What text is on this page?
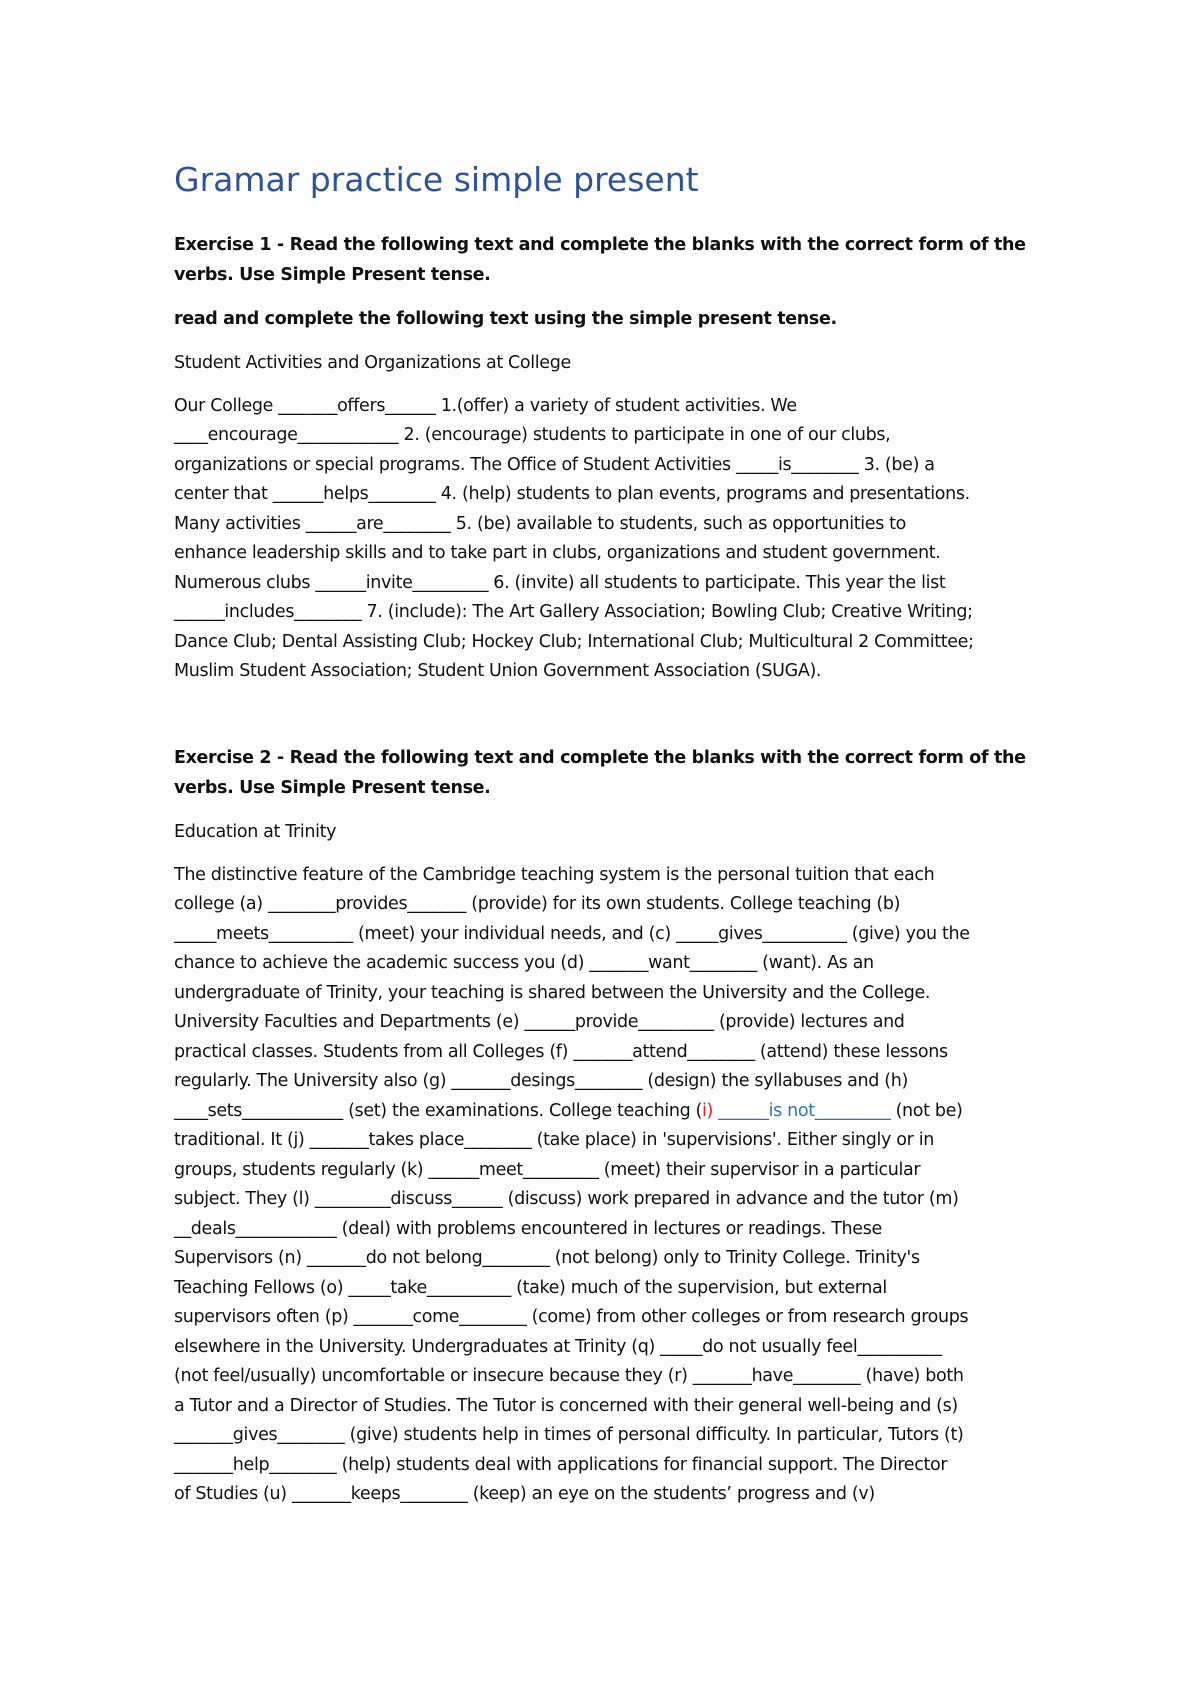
Gramar practice simple present

Exercise 1 - Read the following text and complete the blanks with the correct form of the
verbs. Use Simple Present tense.

read and complete the following text using the simple present tense.

Student Activities and Organizations at College

Our College _______offers______ 1.(offer) a variety of student activities. We
____encourage____________ 2. (encourage) students to participate in one of our clubs,
organizations or special programs. The Office of Student Activities _____is________ 3. (be) a
center that ______helps________ 4. (help) students to plan events, programs and presentations.
Many activities ______are________ 5. (be) available to students, such as opportunities to
enhance leadership skills and to take part in clubs, organizations and student government.
Numerous clubs ______invite_________ 6. (invite) all students to participate. This year the list
______includes________ 7. (include): The Art Gallery Association; Bowling Club; Creative Writing;
Dance Club; Dental Assisting Club; Hockey Club; International Club; Multicultural 2 Committee;
Muslim Student Association; Student Union Government Association (SUGA).

Exercise 2 - Read the following text and complete the blanks with the correct form of the
verbs. Use Simple Present tense.

Education at Trinity

The distinctive feature of the Cambridge teaching system is the personal tuition that each
college (a) ________provides_______ (provide) for its own students. College teaching (b)
_____meets__________ (meet) your individual needs, and (c) _____gives__________ (give) you the
chance to achieve the academic success you (d) _______want________ (want). As an
undergraduate of Trinity, your teaching is shared between the University and the College.
University Faculties and Departments (e) ______provide_________ (provide) lectures and
practical classes. Students from all Colleges (f) _______attend________ (attend) these lessons
regularly. The University also (g) _______desings________ (design) the syllabuses and (h)
____sets____________ (set) the examinations. College teaching (i) ______is not_________ (not be)
traditional. It (j) _______takes place________ (take place) in 'supervisions'. Either singly or in
groups, students regularly (k) ______meet_________ (meet) their supervisor in a particular
subject. They (l) _________discuss______ (discuss) work prepared in advance and the tutor (m)
__deals____________ (deal) with problems encountered in lectures or readings. These
Supervisors (n) _______do not belong________ (not belong) only to Trinity College. Trinity's
Teaching Fellows (o) _____take__________ (take) much of the supervision, but external
supervisors often (p) _______come________ (come) from other colleges or from research groups
elsewhere in the University. Undergraduates at Trinity (q) _____do not usually feel__________
(not feel/usually) uncomfortable or insecure because they (r) _______have________ (have) both
a Tutor and a Director of Studies. The Tutor is concerned with their general well-being and (s)
_______gives________ (give) students help in times of personal difficulty. In particular, Tutors (t)
_______help________ (help) students deal with applications for financial support. The Director
of Studies (u) _______keeps________ (keep) an eye on the students’ progress and (v)
